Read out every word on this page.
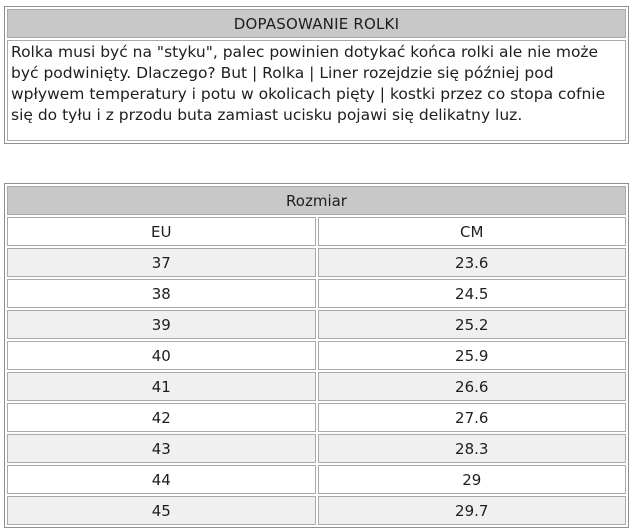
DOPASOWANIE ROLKI
Rolka musi być na "styku", palec powinien dotykać końca rolki ale nie może być podwinięty. Dlaczego? But | Rolka | Liner rozejdzie się później pod wpływem temperatury i potu w okolicach pięty | kostki przez co stopa cofnie się do tyłu i z przodu buta zamiast ucisku pojawi się delikatny luz.
Rozmiar	
EU	CM
37	23.6
38	24.5
39	25.2
40	25.9
41	26.6
42	27.6
43	28.3
44	29
45	29.7
